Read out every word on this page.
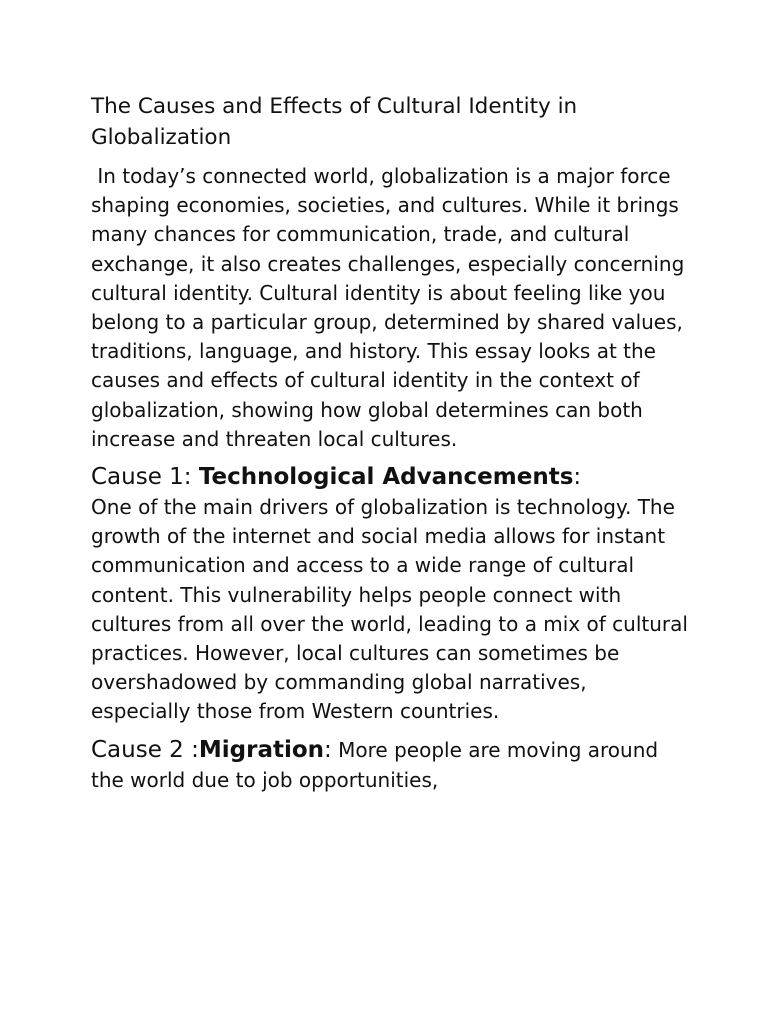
The Causes and Effects of Cultural Identity in Globalization
In today’s connected world, globalization is a major force shaping economies, societies, and cultures. While it brings many chances for communication, trade, and cultural exchange, it also creates challenges, especially concerning cultural identity. Cultural identity is about feeling like you belong to a particular group, determined by shared values, traditions, language, and history. This essay looks at the causes and effects of cultural identity in the context of globalization, showing how global determines can both increase and threaten local cultures.
Cause 1: Technological Advancements:
One of the main drivers of globalization is technology. The growth of the internet and social media allows for instant communication and access to a wide range of cultural content. This vulnerability helps people connect with cultures from all over the world, leading to a mix of cultural practices. However, local cultures can sometimes be overshadowed by commanding global narratives, especially those from Western countries.
Cause 2 :Migration: More people are moving around the world due to job opportunities,
